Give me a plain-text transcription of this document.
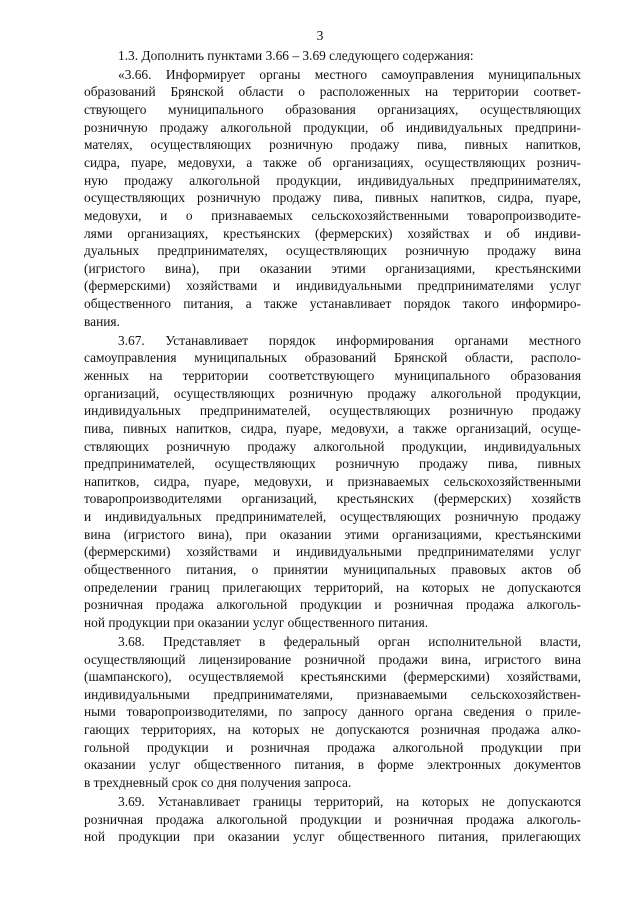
3
1.3. Дополнить пунктами 3.66 – 3.69 следующего содержания:
«3.66. Информирует органы местного самоуправления муниципальных
образований Брянской области о расположенных на территории соответ-
ствующего муниципального образования организациях, осуществляющих
розничную продажу алкогольной продукции, об индивидуальных предприни-
мателях, осуществляющих розничную продажу пива, пивных напитков,
сидра, пуаре, медовухи, а также об организациях, осуществляющих рознич-
ную продажу алкогольной продукции, индивидуальных предпринимателях,
осуществляющих розничную продажу пива, пивных напитков, сидра, пуаре,
медовухи, и о признаваемых сельскохозяйственными товаропроизводите-
лями организациях, крестьянских (фермерских) хозяйствах и об индиви-
дуальных предпринимателях, осуществляющих розничную продажу вина
(игристого вина), при оказании этими организациями, крестьянскими
(фермерскими) хозяйствами и индивидуальными предпринимателями услуг
общественного питания, а также устанавливает порядок такого информиро-
вания.
3.67. Устанавливает порядок информирования органами местного
самоуправления муниципальных образований Брянской области, располо-
женных на территории соответствующего муниципального образования
организаций, осуществляющих розничную продажу алкогольной продукции,
индивидуальных предпринимателей, осуществляющих розничную продажу
пива, пивных напитков, сидра, пуаре, медовухи, а также организаций, осуще-
ствляющих розничную продажу алкогольной продукции, индивидуальных
предпринимателей, осуществляющих розничную продажу пива, пивных
напитков, сидра, пуаре, медовухи, и признаваемых сельскохозяйственными
товаропроизводителями организаций, крестьянских (фермерских) хозяйств
и индивидуальных предпринимателей, осуществляющих розничную продажу
вина (игристого вина), при оказании этими организациями, крестьянскими
(фермерскими) хозяйствами и индивидуальными предпринимателями услуг
общественного питания, о принятии муниципальных правовых актов об
определении границ прилегающих территорий, на которых не допускаются
розничная продажа алкогольной продукции и розничная продажа алкоголь-
ной продукции при оказании услуг общественного питания.
3.68. Представляет в федеральный орган исполнительной власти,
осуществляющий лицензирование розничной продажи вина, игристого вина
(шампанского), осуществляемой крестьянскими (фермерскими) хозяйствами,
индивидуальными предпринимателями, признаваемыми сельскохозяйствен-
ными товаропроизводителями, по запросу данного органа сведения о приле-
гающих территориях, на которых не допускаются розничная продажа алко-
гольной продукции и розничная продажа алкогольной продукции при
оказании услуг общественного питания, в форме электронных документов
в трехдневный срок со дня получения запроса.
3.69. Устанавливает границы территорий, на которых не допускаются
розничная продажа алкогольной продукции и розничная продажа алкоголь-
ной продукции при оказании услуг общественного питания, прилегающих
